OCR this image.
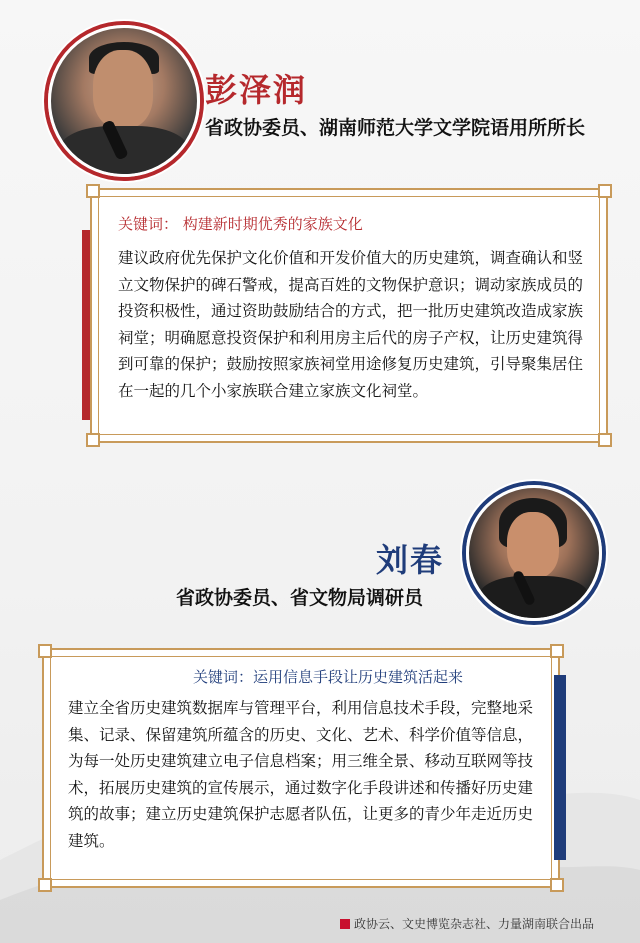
彭泽润
省政协委员、湖南师范大学文学院语用所所长
关键词： 构建新时期优秀的家族文化
建议政府优先保护文化价值和开发价值大的历史建筑，调查确认和竖立文物保护的碑石警戒，提高百姓的文物保护意识；调动家族成员的投资积极性，通过资助鼓励结合的方式，把一批历史建筑改造成家族祠堂；明确愿意投资保护和利用房主后代的房子产权，让历史建筑得到可靠的保护；鼓励按照家族祠堂用途修复历史建筑，引导聚集居住在一起的几个小家族联合建立家族文化祠堂。
刘春
省政协委员、省文物局调研员
关键词：运用信息手段让历史建筑活起来
建立全省历史建筑数据库与管理平台，利用信息技术手段，完整地采集、记录、保留建筑所蕴含的历史、文化、艺术、科学价值等信息，为每一处历史建筑建立电子信息档案；用三维全景、移动互联网等技术，拓展历史建筑的宣传展示，通过数字化手段讲述和传播好历史建筑的故事；建立历史建筑保护志愿者队伍，让更多的青少年走近历史建筑。
政协云、文史博览杂志社、力量湖南联合出品
